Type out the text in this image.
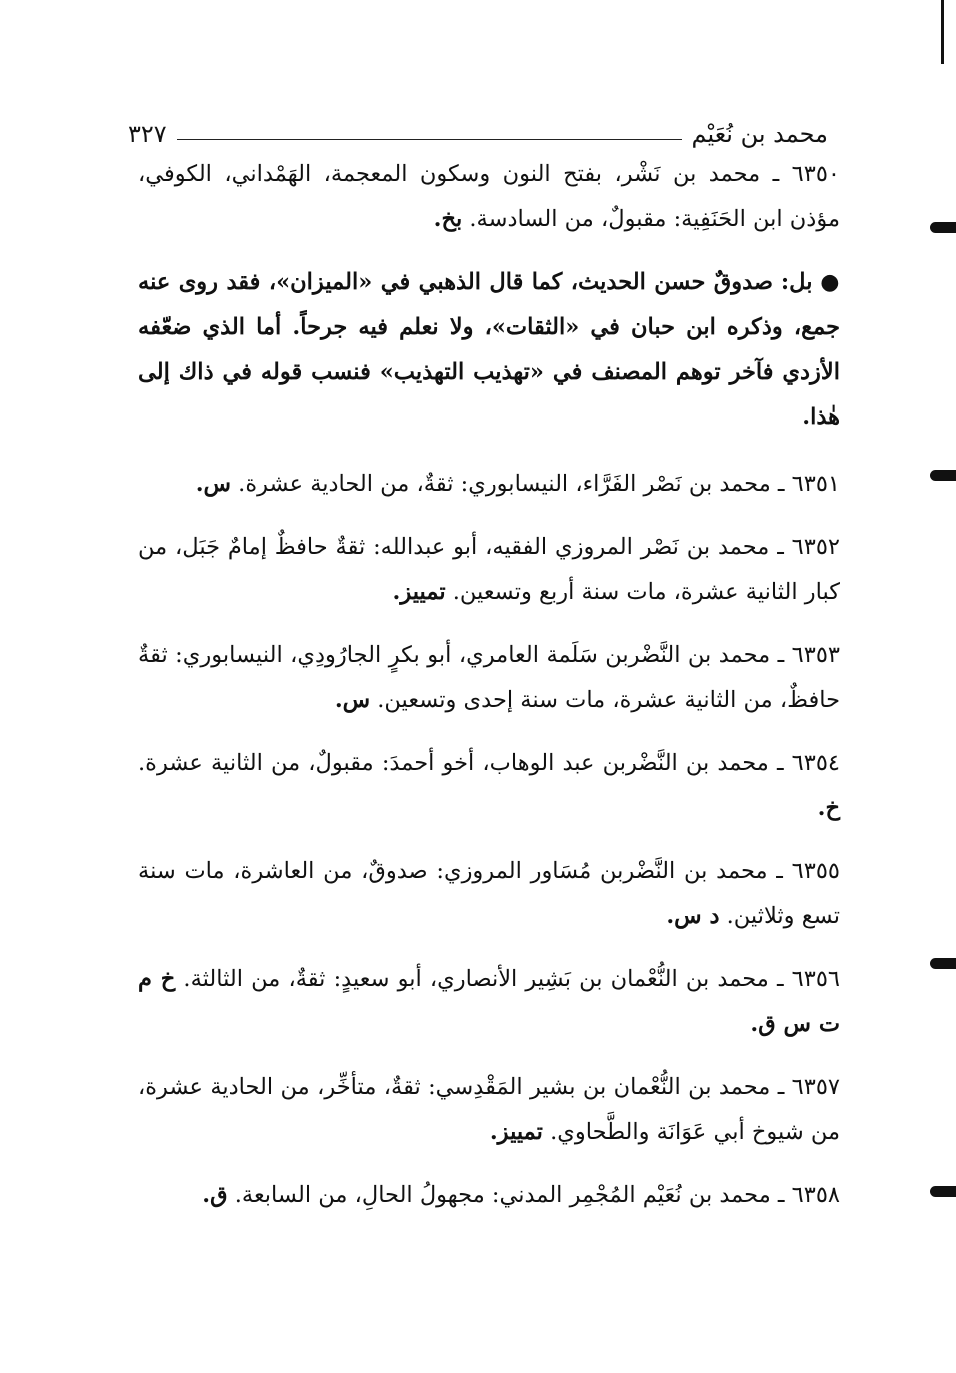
محمد بن نُعَيْم
٣٢٧

٦٣٥٠ ـ محمد بن نَشْر، بفتح النون وسكون المعجمة، الهَمْداني، الكوفي، مؤذن ابن الحَنَفِية: مقبولٌ، من السادسة. بخ.

● بل: صدوقٌ حسن الحديث، كما قال الذهبي في «الميزان»، فقد روى عنه جمع، وذكره ابن حبان في «الثقات»، ولا نعلم فيه جرحاً. أما الذي ضعّفه الأزدي فآخر توهم المصنف في «تهذيب التهذيب» فنسب قوله في ذاك إلى هٰذا.

٦٣٥١ ـ محمد بن نَصْر الفَرَّاء، النيسابوري: ثقةٌ، من الحادية عشرة. س.

٦٣٥٢ ـ محمد بن نَصْر المروزي الفقيه، أبو عبدالله: ثقةٌ حافظٌ إمامٌ جَبَل، من كبار الثانية عشرة، مات سنة أربع وتسعين. تمييز.

٦٣٥٣ ـ محمد بن النَّضْربن سَلَمة العامري، أبو بكرٍ الجارُودِي، النيسابوري: ثقةٌ حافظٌ، من الثانية عشرة، مات سنة إحدى وتسعين. س.

٦٣٥٤ ـ محمد بن النَّضْربن عبد الوهاب، أخو أحمدَ: مقبولٌ، من الثانية عشرة. خ.

٦٣٥٥ ـ محمد بن النَّضْربن مُسَاور المروزي: صدوقٌ، من العاشرة، مات سنة تسع وثلاثين. د س.

٦٣٥٦ ـ محمد بن النُّعْمان بن بَشِير الأنصاري، أبو سعيدٍ: ثقةٌ، من الثالثة. خ م ت س ق.

٦٣٥٧ ـ محمد بن النُّعْمان بن بشير المَقْدِسي: ثقةٌ، متأخِّر، من الحادية عشرة، من شيوخ أبي عَوَانَة والطَّحاوي. تمييز.

٦٣٥٨ ـ محمد بن نُعَيْم المُجْمِر المدني: مجهولُ الحالِ، من السابعة. ق.
